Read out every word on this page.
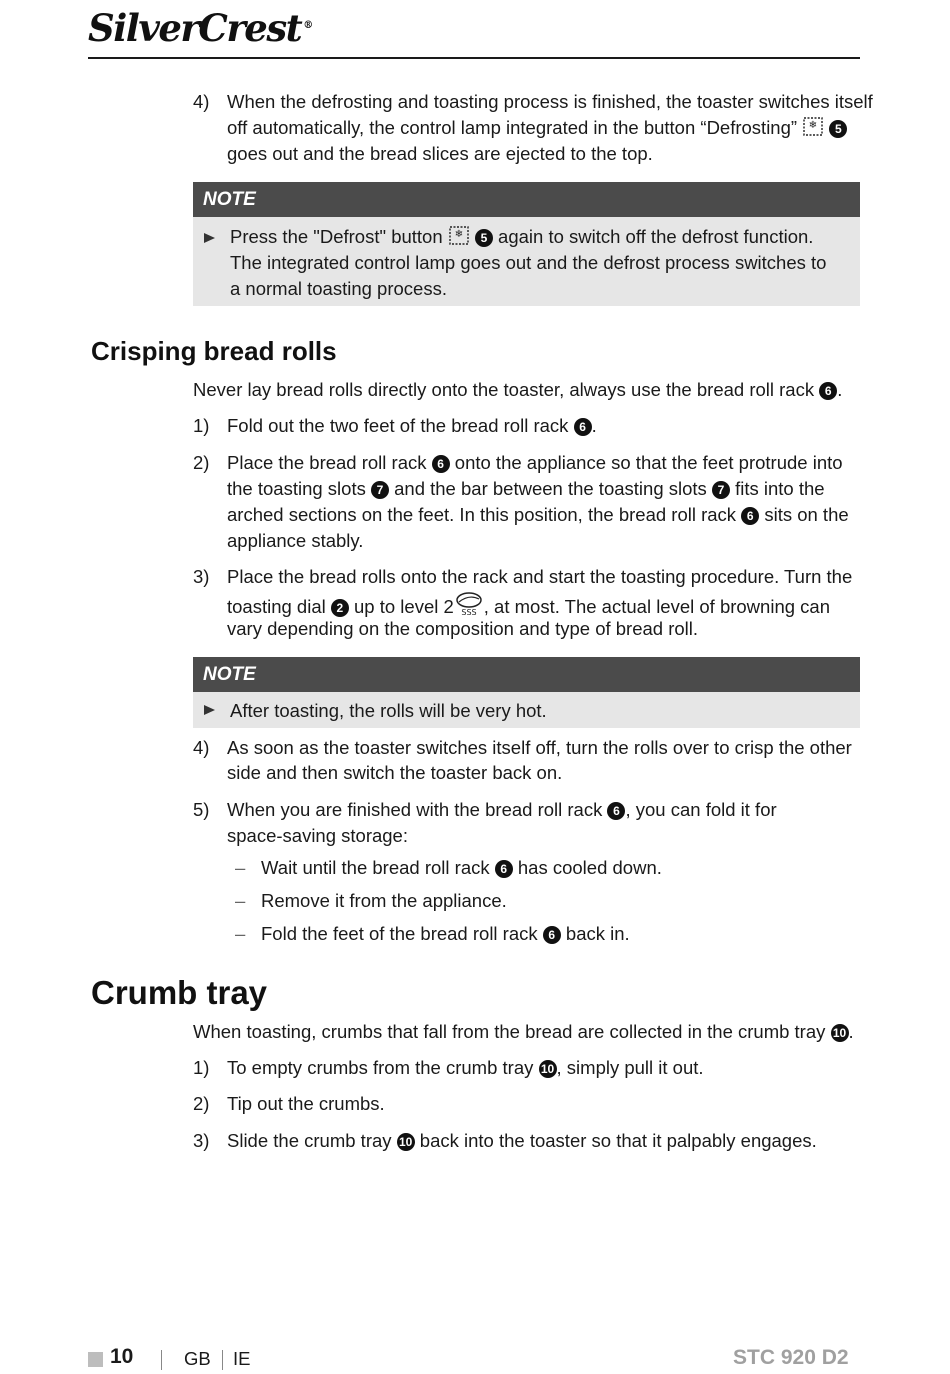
SilverCrest ®
4) When the defrosting and toasting process is finished, the toaster switches itself
off automatically, the control lamp integrated in the button “Defrosting” ❄ 5
goes out and the bread slices are ejected to the top.
NOTE
Press the "Defrost" button ❄ 5 again to switch off the defrost function.
The integrated control lamp goes out and the defrost process switches to
a normal toasting process.
Crisping bread rolls
Never lay bread rolls directly onto the toaster, always use the bread roll rack 6 .
1) Fold out the two feet of the bread roll rack 6 .
2) Place the bread roll rack 6 onto the appliance so that the feet protrude into
the toasting slots 7 and the bar between the toasting slots 7 fits into the
arched sections on the feet. In this position, the bread roll rack 6 sits on the
appliance stably.
3) Place the bread rolls onto the rack and start the toasting procedure. Turn the
toasting dial 2 up to level 2 SSS , at most. The actual level of browning can
vary depending on the composition and type of bread roll.
NOTE
After toasting, the rolls will be very hot.
4) As soon as the toaster switches itself off, turn the rolls over to crisp the other
side and then switch the toaster back on.
5) When you are finished with the bread roll rack 6 , you can fold it for
space-saving storage:
– Wait until the bread roll rack 6 has cooled down.
– Remove it from the appliance.
– Fold the feet of the bread roll rack 6 back in.
Crumb tray
When toasting, crumbs that fall from the bread are collected in the crumb tray 10 .
1) To empty crumbs from the crumb tray 10 , simply pull it out.
2) Tip out the crumbs.
3) Slide the crumb tray 10 back into the toaster so that it palpably engages.
10	GB IE	STC 920 D2
